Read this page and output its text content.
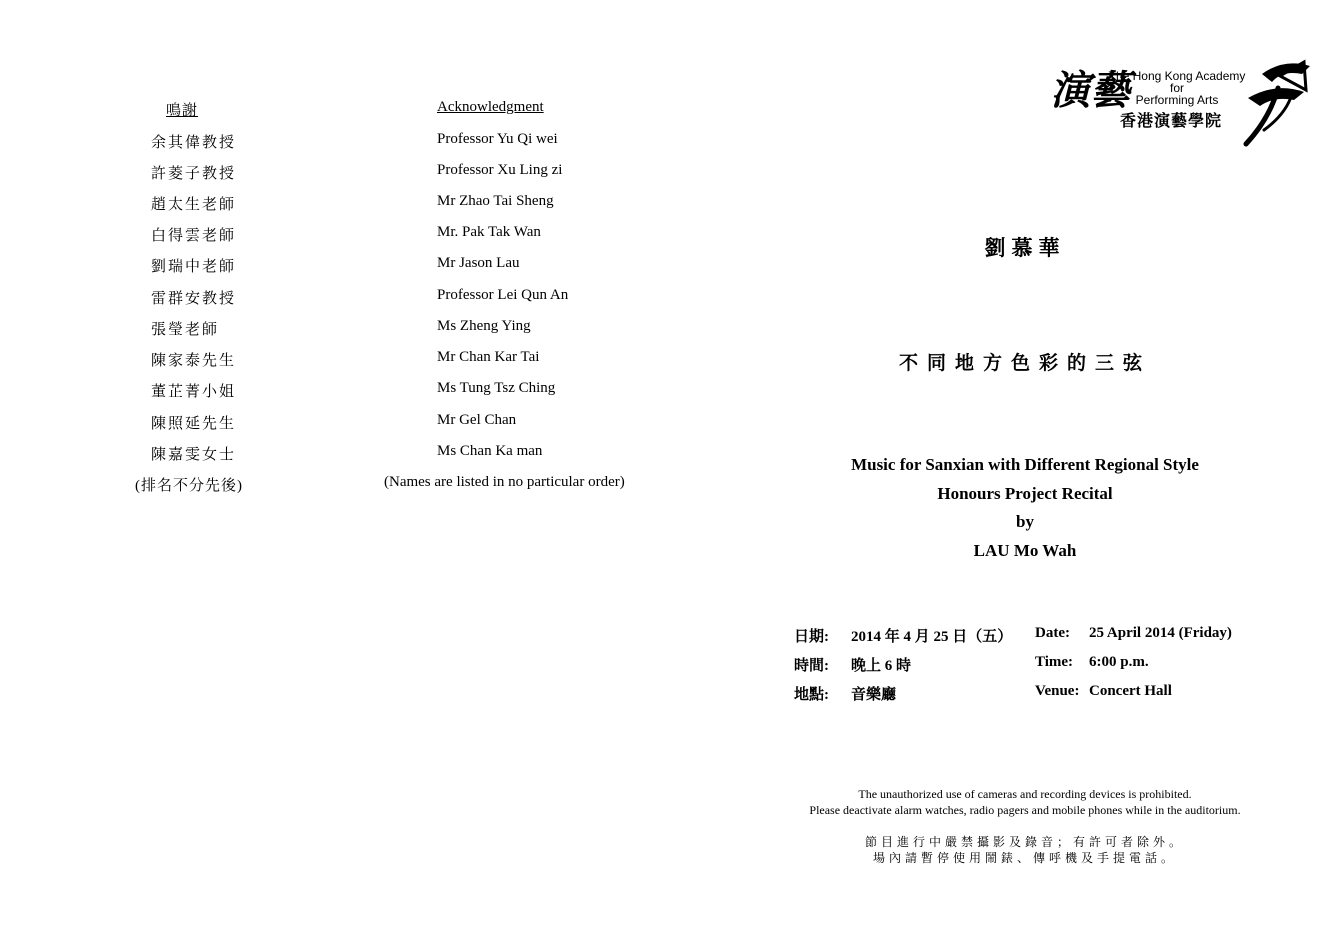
鳴謝	Acknowledgment
余其偉教授	Professor Yu Qi wei
許菱子教授	Professor Xu Ling zi
趙太生老師	Mr Zhao Tai Sheng
白得雲老師	Mr. Pak Tak Wan
劉瑞中老師	Mr Jason Lau
雷群安教授	Professor Lei Qun An
張瑩老師	Ms Zheng Ying
陳家泰先生	Mr Chan Kar Tai
董芷菁小姐	Ms Tung Tsz Ching
陳照延先生	Mr Gel Chan
陳嘉雯女士	Ms Chan Ka man
(排名不分先後)	(Names are listed in no particular order)
演藝
The Hong Kong Academy
for
Performing Arts
香港演藝學院
劉慕華
不同地方色彩的三弦
Music for Sanxian with Different Regional Style
Honours Project Recital
by
LAU Mo Wah
日期: 2014 年 4 月 25 日（五） Date: 25 April 2014 (Friday)
時間: 晚上 6 時	Time: 6:00 p.m.
地點: 音樂廳	Venue: Concert Hall
The unauthorized use of cameras and recording devices is prohibited.
Please deactivate alarm watches, radio pagers and mobile phones while in the auditorium.
節目進行中嚴禁攝影及錄音；有許可者除外。
場內請暫停使用鬧錶、傳呼機及手提電話。
